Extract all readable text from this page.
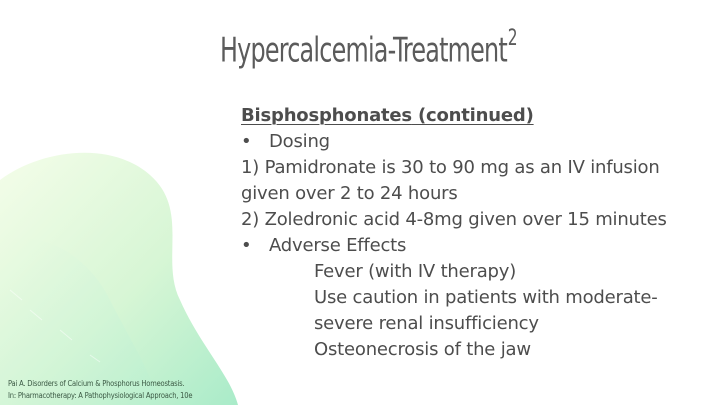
Hypercalcemia-Treatment$^2$
Bisphosphonates (continued)
• Dosing
1) Pamidronate is 30 to 90 mg as an IV infusion
given over 2 to 24 hours
2) Zoledronic acid 4-8mg given over 15 minutes
• Adverse Effects
Fever (with IV therapy)
Use caution in patients with moderate-
severe renal insufficiency
Osteonecrosis of the jaw
Pai A. Disorders of Calcium & Phosphorus Homeostasis.
In: Pharmacotherapy: A Pathophysiological Approach, 10e
